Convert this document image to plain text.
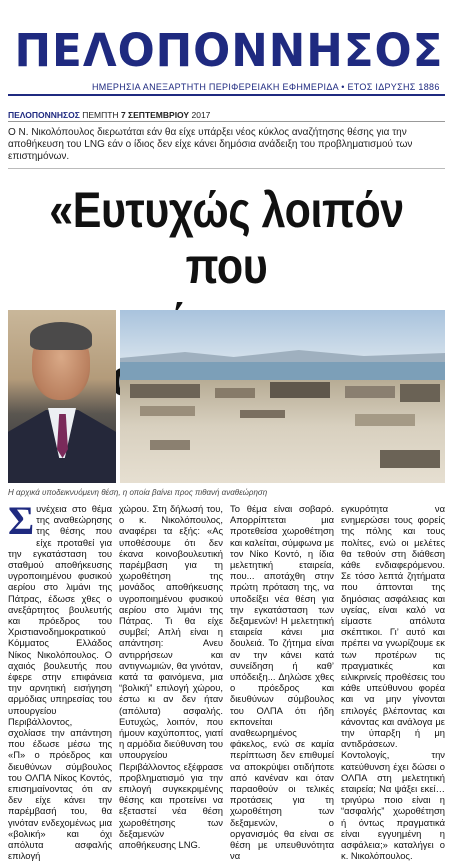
ΠΕΛΟΠΟΝΝΗΣΟΣ
ΗΜΕΡΗΣΙΑ ΑΝΕΞΑΡΤΗΤΗ ΠΕΡΙΦΕΡΕΙΑΚΗ ΕΦΗΜΕΡΙΔΑ • ΕΤΟΣ ΙΔΡΥΣΗΣ 1886
ΠΕΛΟΠΟΝΝΗΣΟΣ ΠΕΜΠΤΗ 7 ΣΕΠΤΕΜΒΡΙΟΥ 2017
Ο Ν. Νικολόπουλος διερωτάται εάν θα είχε υπάρξει νέος κύκλος αναζήτησης θέσης για την αποθήκευση του LNG εάν ο ίδιος δεν είχε κάνει δημόσια ανάδειξη του προβληματισμού των επιστημόνων.
«Ευτυχώς λοιπόν που
Η αρχικά υποδεικνυόμενη θέση, η οποία βαίνει προς πιθανή αναθεώρηση
Σ υνέχεια στο θέμα της αναθεώρησης της θέσης που είχε προταθεί για την εγκατάσταση του σταθμού αποθήκευσης υγροποιημένου φυσικού αερίου στο λιμάνι της Πάτρας, έδωσε χθες ο ανεξάρτητος βουλευτής και πρόεδρος του Χριστιανοδημοκρατικού Κόμματος Ελλάδος Νίκος Νικολόπουλος. Ο αχαιός βουλευτής που έφερε στην επιφάνεια την αρνητική εισήγηση αρμόδιας υπηρεσίας του υπουργείου Περιβάλλοντος, σχολίασε την απάντηση που έδωσε μέσω της «Π» ο πρόεδρος και διευθύνων σύμβουλος του ΟΛΠΑ Νίκος Κοντός, επισημαίνοντας ότι αν δεν είχε κάνει την παρέμβασή του, θα γινόταν ενδεχομένως μια «βολική» και όχι απόλυτα ασφαλής επιλογή

χώρου. Στη δήλωσή του, ο κ. Νικολόπουλος, αναφέρει τα εξής: «Ας υποθέσουμε ότι δεν έκανα κοινοβουλευτική παρέμβαση για τη χωροθέτηση της μονάδος αποθήκευσης υγροποιημένου φυσικού αερίου στο λιμάνι της Πάτρας. Τι θα είχε συμβεί; Απλή είναι η απάντηση: Ανευ αντιρρήσεων και αντιγνωμιών, θα γινόταν, κατά τα φαινόμενα, μια “βολική” επιλογή χώρου, έστω κι αν δεν ήταν (απόλυτα) ασφαλής. Ευτυχώς, λοιπόν, που ήμουν καχύποπτος, γιατί η αρμόδια διεύθυνση του υπουργείου Περιβάλλοντος εξέφρασε προβληματισμό για την επιλογή συγκεκριμένης θέσης και προτείνει να εξεταστεί νέα θέση χωροθέτησης των δεξαμενών αποθήκευσης LNG.

Το θέμα είναι σοβαρό. Απορρίπτεται μια προτεθείσα χωροθέτηση και καλείται, σύμφωνα με τον Νίκο Κοντό, η ίδια μελετητική εταιρεία, που... αποτάχθη στην πρώτη πρόταση της, να υποδείξει νέα θέση για την εγκατάσταση των δεξαμενών! Η μελετητική εταιρεία κάνει μια δουλειά. Το ζήτημα είναι αν την κάνει κατά συνείδηση ή καθ’ υπόδειξη... Δηλώσε χθες ο πρόεδρος και διευθύνων σύμβουλος του ΟΛΠΑ ότι ήδη εκπονείται αναθεωρημένος φάκελος, ενώ σε καμία περίπτωση δεν επιθυμεί να αποκρύψει οτιδήποτε από κανέναν και όταν παραοθούν οι τελικές προτάσεις για τη χωροθέτηση των δεξαμενών, ο οργανισμός θα είναι σε θέση με υπευθυνότητα να

εγκυρότητα να ενημερώσει τους φορείς της πόλης και τους πολίτες, ενώ οι μελέτες θα τεθούν στη διάθεση κάθε ενδιαφερόμενου. Σε τόσο λεπτά ζητήματα που άπτονται της δημόσιας ασφάλειας και υγείας, είναι καλό να είμαστε απόλυτα σκέπτικοι. Γι’ αυτό και πρέπει να γνωρίζουμε εκ των προτέρων τις πραγματικές και ειλικρινείς προθέσεις του κάθε υπεύθυνου φορέα και να μην γίνονται επιλογές βλέποντας και κάνοντας και ανάλογα με την ύπαρξη ή μη αντιδράσεων. Κοντολογίς, την κατεύθυνση έχει δώσει ο ΟΛΠΑ στη μελετητική εταιρεία; Να ψάξει εκεί… τριγύρω ποιο είναι η “ασφαλής” χωροθέτηση ή όντως πραγματικά είναι εγγυημένη η ασφάλεια;» καταλήγει ο κ. Νικολόπουλος.
